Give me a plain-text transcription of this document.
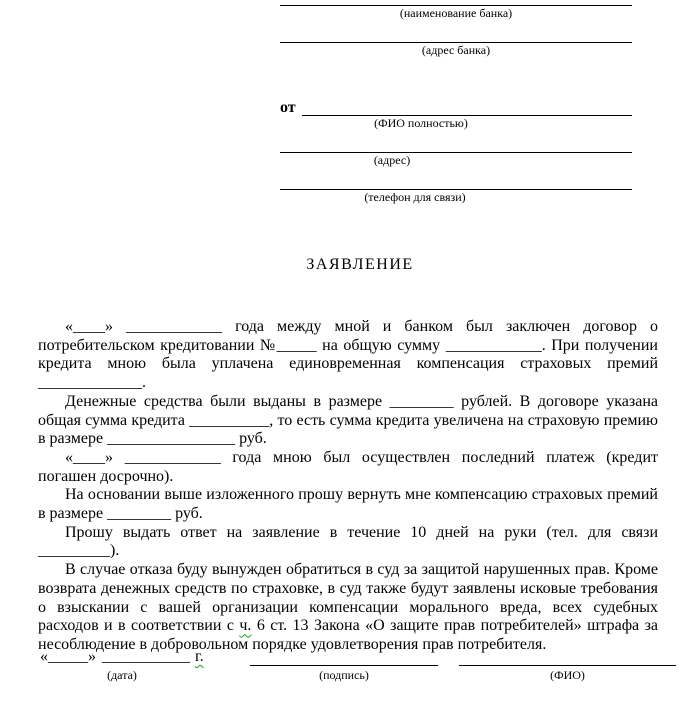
(наименование банка)
(адрес банка)
от
(ФИО полностью)
(адрес)
(телефон для связи)
ЗАЯВЛЕНИЕ

«____» ____________ года между мной и банком был заключен договор о потребительском кредитовании №_____ на общую сумму ____________. При получении кредита мною была уплачена единовременная компенсация страховых премий _____________.

Денежные средства были выданы в размере ________ рублей. В договоре указана общая сумма кредита __________, то есть сумма кредита увеличена на страховую премию в размере ________________ руб.

«____» ____________ года мною был осуществлен последний платеж (кредит погашен досрочно).

На основании выше изложенного прошу вернуть мне компенсацию страховых премий в размере ________ руб.

Прошу выдать ответ на заявление в течение 10 дней на руки (тел. для связи _________).

В случае отказа буду вынужден обратиться в суд за защитой нарушенных прав. Кроме возврата денежных средств по страховке, в суд также будут заявлены исковые требования о взыскании с вашей организации компенсации морального вреда, всех судебных расходов и в соответствии с ч. 6 ст. 13 Закона «О защите прав потребителей» штрафа за несоблюдение в добровольном порядке удовлетворения прав потребителя.

«_____» ___________ г.
(дата)	(подпись)	(ФИО)
